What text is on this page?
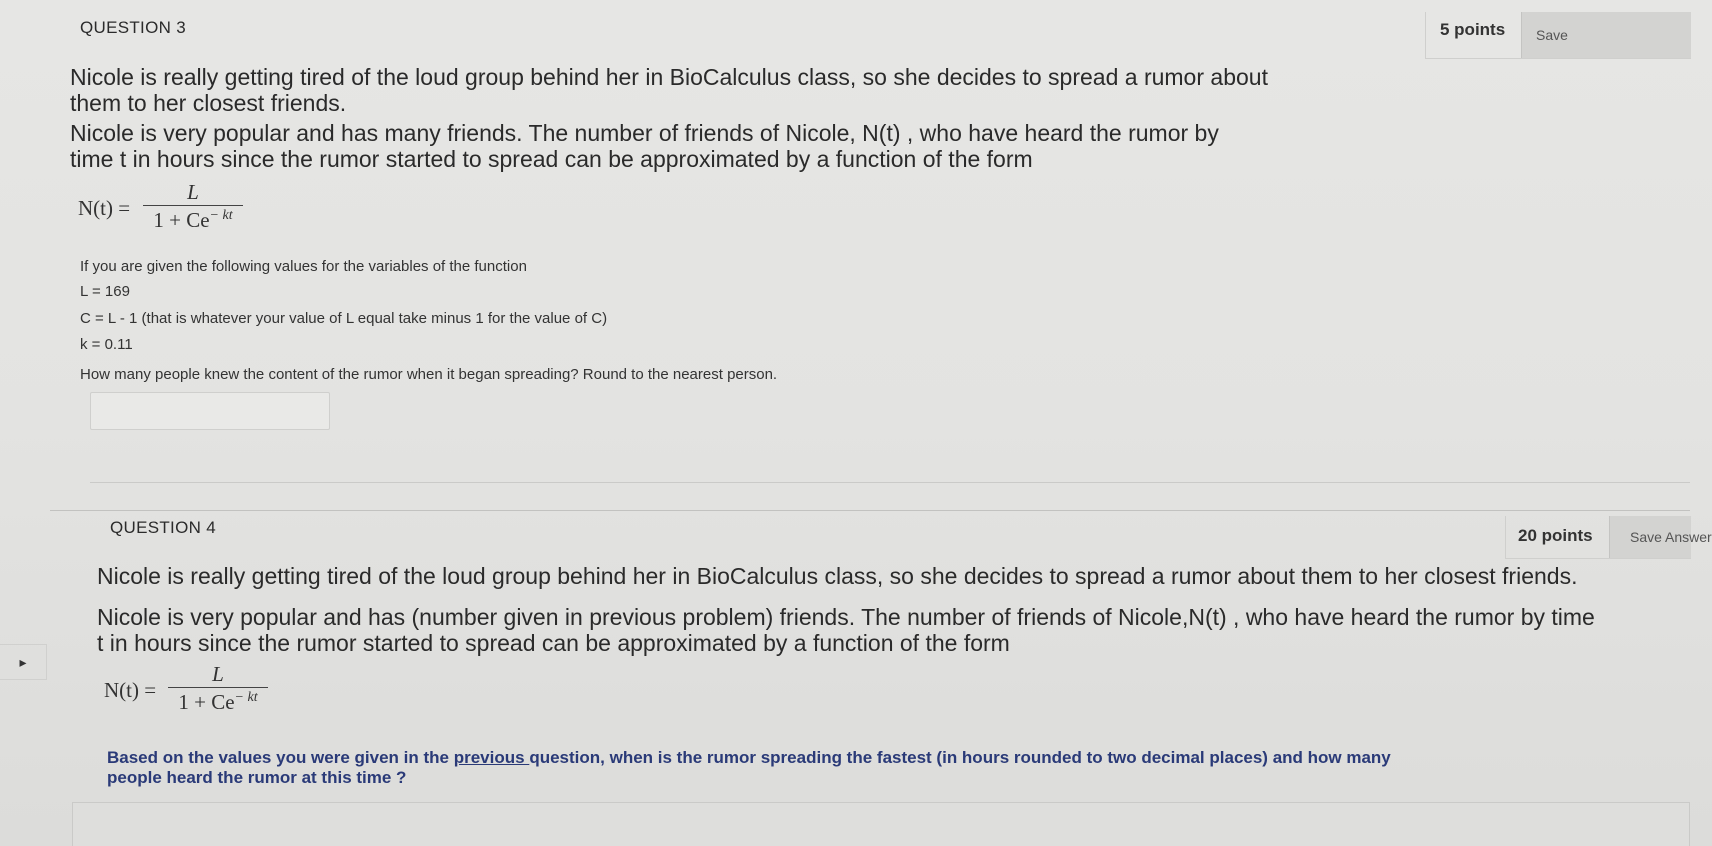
QUESTION 3	5 points	Save
Nicole is really getting tired of the loud group behind her in BioCalculus class, so she decides to spread a rumor about
them to her closest friends.
Nicole is very popular and has many friends. The number of friends of Nicole, N(t) , who have heard the rumor by
time t in hours since the rumor started to spread can be approximated by a function of the form
$N(t) = \frac{L}{1 + Ce^{- kt}}$
If you are given the following values for the variables of the function
L = 169
C = L - 1 (that is whatever your value of L equal take minus 1 for the value of C)
k = 0.11
How many people knew the content of the rumor when it began spreading? Round to the nearest person.
QUESTION 4	20 points	Save Answer
▸
Nicole is really getting tired of the loud group behind her in BioCalculus class, so she decides to spread a rumor about them to her closest friends.
Nicole is very popular and has (number given in previous problem) friends. The number of friends of Nicole,N(t) , who have heard the rumor by time
t in hours since the rumor started to spread can be approximated by a function of the form
$N(t) = \frac{L}{1 + Ce^{- kt}}$
Based on the values you were given in the previous question, when is the rumor spreading the fastest (in hours rounded to two decimal places) and how many
people heard the rumor at this time ?
